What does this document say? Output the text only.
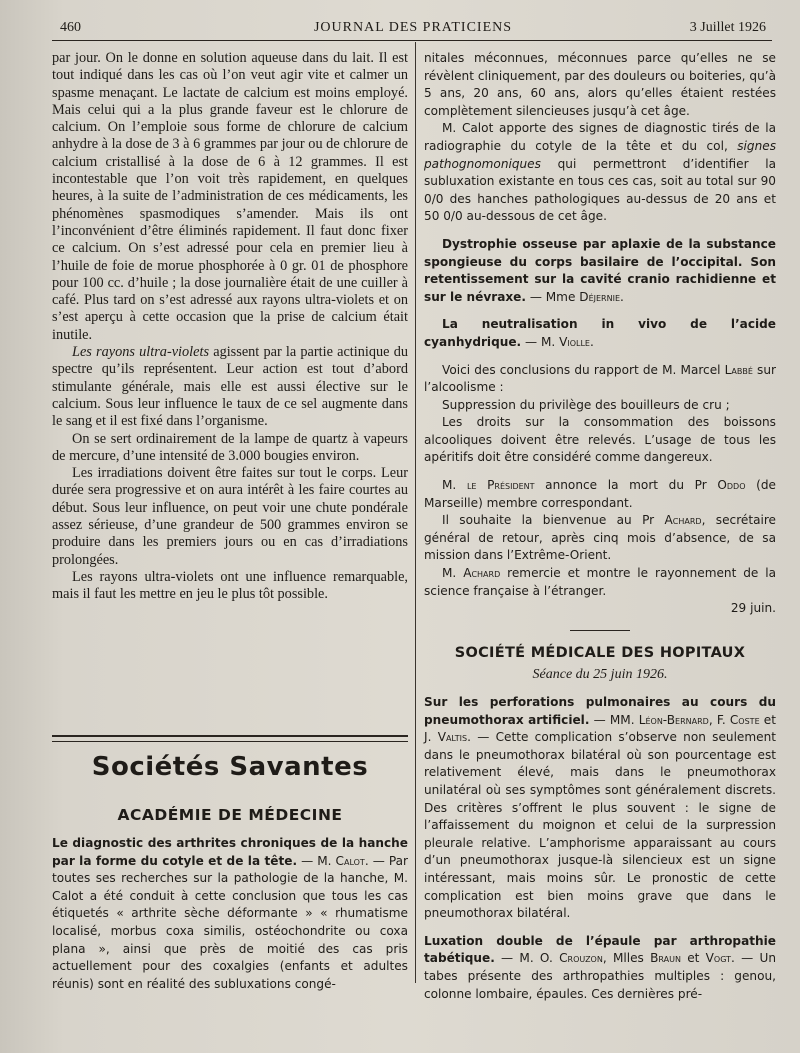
460	JOURNAL DES PRATICIENS	3 Juillet 1926

par jour. On le donne en solution aqueuse dans du lait. Il est tout indiqué dans les cas où l’on veut agir vite et calmer un spasme menaçant. Le lactate de calcium est moins employé. Mais celui qui a la plus grande faveur est le chlorure de calcium. On l’emploie sous forme de chlorure de calcium anhydre à la dose de 3 à 6 grammes par jour ou de chlorure de calcium cristallisé à la dose de 6 à 12 grammes. Il est incontestable que l’on voit très rapidement, en quelques heures, à la suite de l’administration de ces médicaments, les phénomènes spasmodiques s’amender. Mais ils ont l’inconvénient d’être éliminés rapidement. Il faut donc fixer ce calcium. On s’est adressé pour cela en premier lieu à l’huile de foie de morue phosphorée à 0 gr. 01 de phosphore pour 100 cc. d’huile ; la dose journalière était de une cuiller à café. Plus tard on s’est adressé aux rayons ultra-violets et on s’est aperçu à cette occasion que la prise de calcium était inutile.

Les rayons ultra-violets agissent par la partie actinique du spectre qu’ils représentent. Leur action est tout d’abord stimulante générale, mais elle est aussi élective sur le calcium. Sous leur influence le taux de ce sel augmente dans le sang et il est fixé dans l’organisme.

On se sert ordinairement de la lampe de quartz à vapeurs de mercure, d’une intensité de 3.000 bougies environ.

Les irradiations doivent être faites sur tout le corps. Leur durée sera progressive et on aura intérêt à les faire courtes au début. Sous leur influence, on peut voir une chute pondérale assez sérieuse, d’une grandeur de 500 grammes environ se produire dans les premiers jours ou en cas d’irradiations prolongées.

Les rayons ultra-violets ont une influence remarquable, mais il faut les mettre en jeu le plus tôt possible.

Sociétés Savantes
ACADÉMIE DE MÉDECINE

Le diagnostic des arthrites chroniques de la hanche par la forme du cotyle et de la tête. — M. Calot. — Par toutes ses recherches sur la pathologie de la hanche, M. Calot a été conduit à cette conclusion que tous les cas étiquetés « arthrite sèche déformante » « rhumatisme localisé, morbus coxa similis, ostéochondrite ou coxa plana », ainsi que près de moitié des cas pris actuellement pour des coxalgies (enfants et adultes réunis) sont en réalité des subluxations congé-

nitales méconnues, méconnues parce qu’elles ne se révèlent cliniquement, par des douleurs ou boiteries, qu’à 5 ans, 20 ans, 60 ans, alors qu’elles étaient restées complètement silencieuses jusqu’à cet âge.

M. Calot apporte des signes de diagnostic tirés de la radiographie du cotyle de la tête et du col, signes pathognomoniques qui permettront d’identifier la subluxation existante en tous ces cas, soit au total sur 90 0/0 des hanches pathologiques au-dessus de 20 ans et 50 0/0 au-dessous de cet âge.

Dystrophie osseuse par aplaxie de la substance spongieuse du corps basilaire de l’occipital. Son retentissement sur la cavité cranio rachidienne et sur le névraxe. — Mme Déjernie.

La neutralisation in vivo de l’acide cyanhydrique. — M. Violle.

Voici des conclusions du rapport de M. Marcel Labbé sur l’alcoolisme :

Suppression du privilège des bouilleurs de cru ;

Les droits sur la consommation des boissons alcooliques doivent être relevés. L’usage de tous les apéritifs doit être considéré comme dangereux.

M. le Président annonce la mort du Pr Oddo (de Marseille) membre correspondant.

Il souhaite la bienvenue au Pr Achard, secrétaire général de retour, après cinq mois d’absence, de sa mission dans l’Extrême-Orient.

M. Achard remercie et montre le rayonnement de la science française à l’étranger.

29 juin.

SOCIÉTÉ MÉDICALE DES HOPITAUX
Séance du 25 juin 1926.

Sur les perforations pulmonaires au cours du pneumothorax artificiel. — MM. Léon-Bernard, F. Coste et J. Valtis. — Cette complication s’observe non seulement dans le pneumothorax bilatéral où son pourcentage est relativement élevé, mais dans le pneumothorax unilatéral où ses symptômes sont généralement discrets. Des critères s’offrent le plus souvent : le signe de l’affaissement du moignon et celui de la surpression pleurale relative. L’amphorisme apparaissant au cours d’un pneumothorax jusque-là silencieux est un signe intéressant, mais moins sûr. Le pronostic de cette complication est bien moins grave que dans le pneumothorax bilatéral.

Luxation double de l’épaule par arthropathie tabétique. — M. O. Crouzon, Mlles Braun et Vogt. — Un tabes présente des arthropathies multiples : genou, colonne lombaire, épaules. Ces dernières pré-
